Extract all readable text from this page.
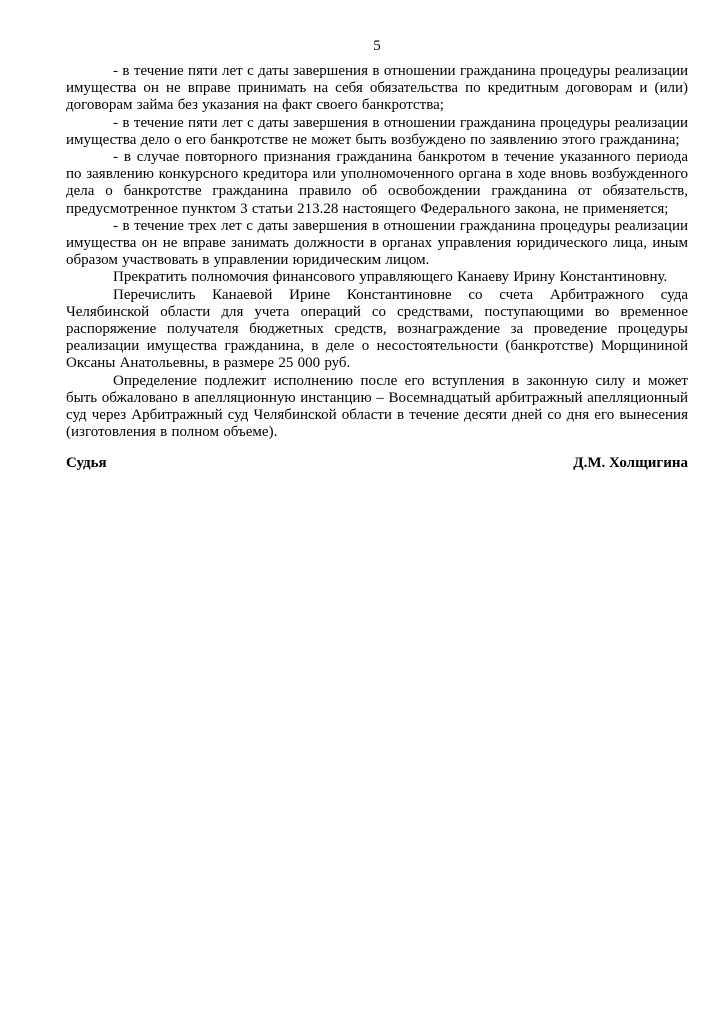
5

- в течение пяти лет с даты завершения в отношении гражданина процедуры реализации имущества он не вправе принимать на себя обязательства по кредитным договорам и (или) договорам займа без указания на факт своего банкротства;

- в течение пяти лет с даты завершения в отношении гражданина процедуры реализации имущества дело о его банкротстве не может быть возбуждено по заявлению этого гражданина;

- в случае повторного признания гражданина банкротом в течение указанного периода по заявлению конкурсного кредитора или уполномоченного органа в ходе вновь возбужденного дела о банкротстве гражданина правило об освобождении гражданина от обязательств, предусмотренное пунктом 3 статьи 213.28 настоящего Федерального закона, не применяется;

- в течение трех лет с даты завершения в отношении гражданина процедуры реализации имущества он не вправе занимать должности в органах управления юридического лица, иным образом участвовать в управлении юридическим лицом.

Прекратить полномочия финансового управляющего Канаеву Ирину Константиновну.

Перечислить Канаевой Ирине Константиновне со счета Арбитражного суда Челябинской области для учета операций со средствами, поступающими во временное распоряжение получателя бюджетных средств, вознаграждение за проведение процедуры реализации имущества гражданина, в деле о несостоятельности (банкротстве) Морщининой Оксаны Анатольевны, в размере 25 000 руб.

Определение подлежит исполнению после его вступления в законную силу и может быть обжаловано в апелляционную инстанцию – Восемнадцатый арбитражный апелляционный суд через Арбитражный суд Челябинской области в течение десяти дней со дня его вынесения (изготовления в полном объеме).

Судья	Д.М. Холщигина
